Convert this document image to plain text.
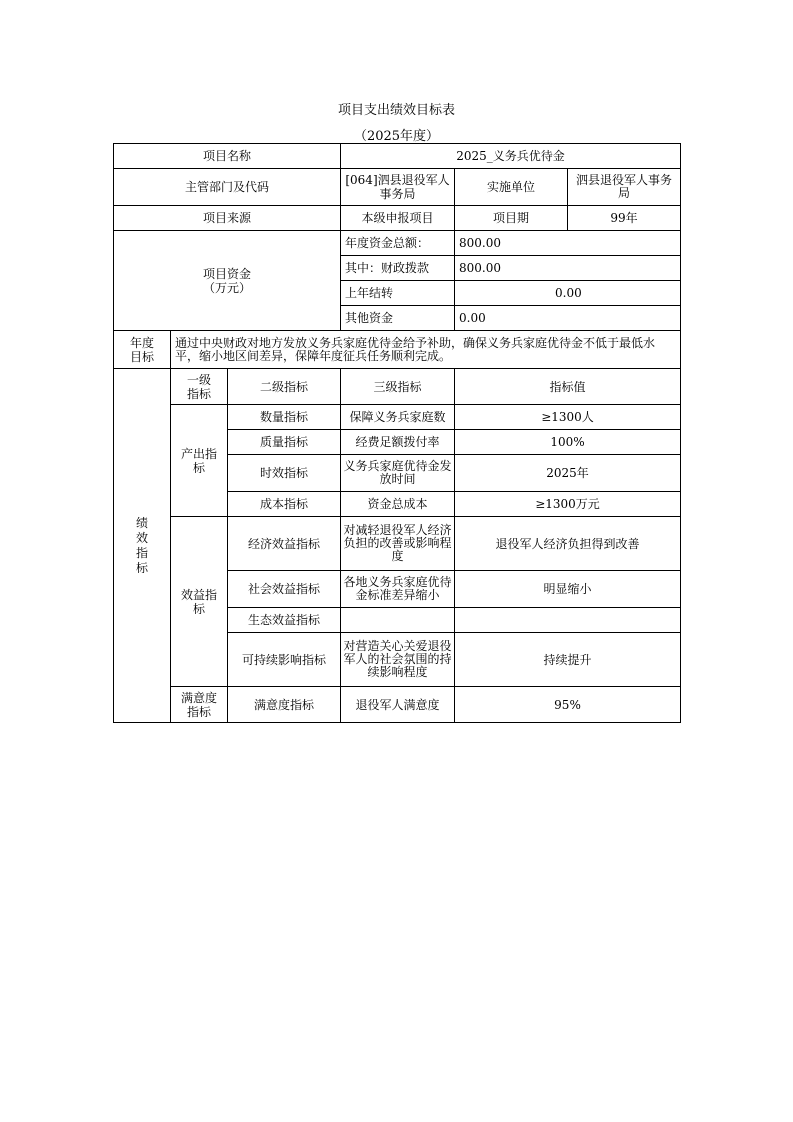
项目支出绩效目标表
（2025年度）
项目名称			2025_义务兵优待金		
主管部门及代码			[064]泗县退役军人事务局	实施单位	泗县退役军人事务局
项目来源			本级申报项目	项目期	99年

项目资金
（万元）			年度资金总额：	800.00	
			其中：财政拨款	800.00	
			上年结转	0.00	
			其他资金	0.00	

年度
目标	通过中央财政对地方发放义务兵家庭优待金给予补助，确保义务兵家庭优待金不低于最低水平，缩小地区间差异，保障年度征兵任务顺利完成。				
绩效指标	一级指标	二级指标	三级指标	指标值	
	产出指标	数量指标	保障义务兵家庭数	≥1300人	
		质量指标	经费足额拨付率	100%	
		时效指标	义务兵家庭优待金发放时间	2025年	
		成本指标	资金总成本	≥1300万元	
	效益指标	经济效益指标	对减轻退役军人经济负担的改善或影响程度	退役军人经济负担得到改善	
		社会效益指标	各地义务兵家庭优待金标准差异缩小	明显缩小	
		生态效益指标			
		可持续影响指标	对营造关心关爱退役军人的社会氛围的持续影响程度	持续提升	
	满意度指标	满意度指标	退役军人满意度	95%	
